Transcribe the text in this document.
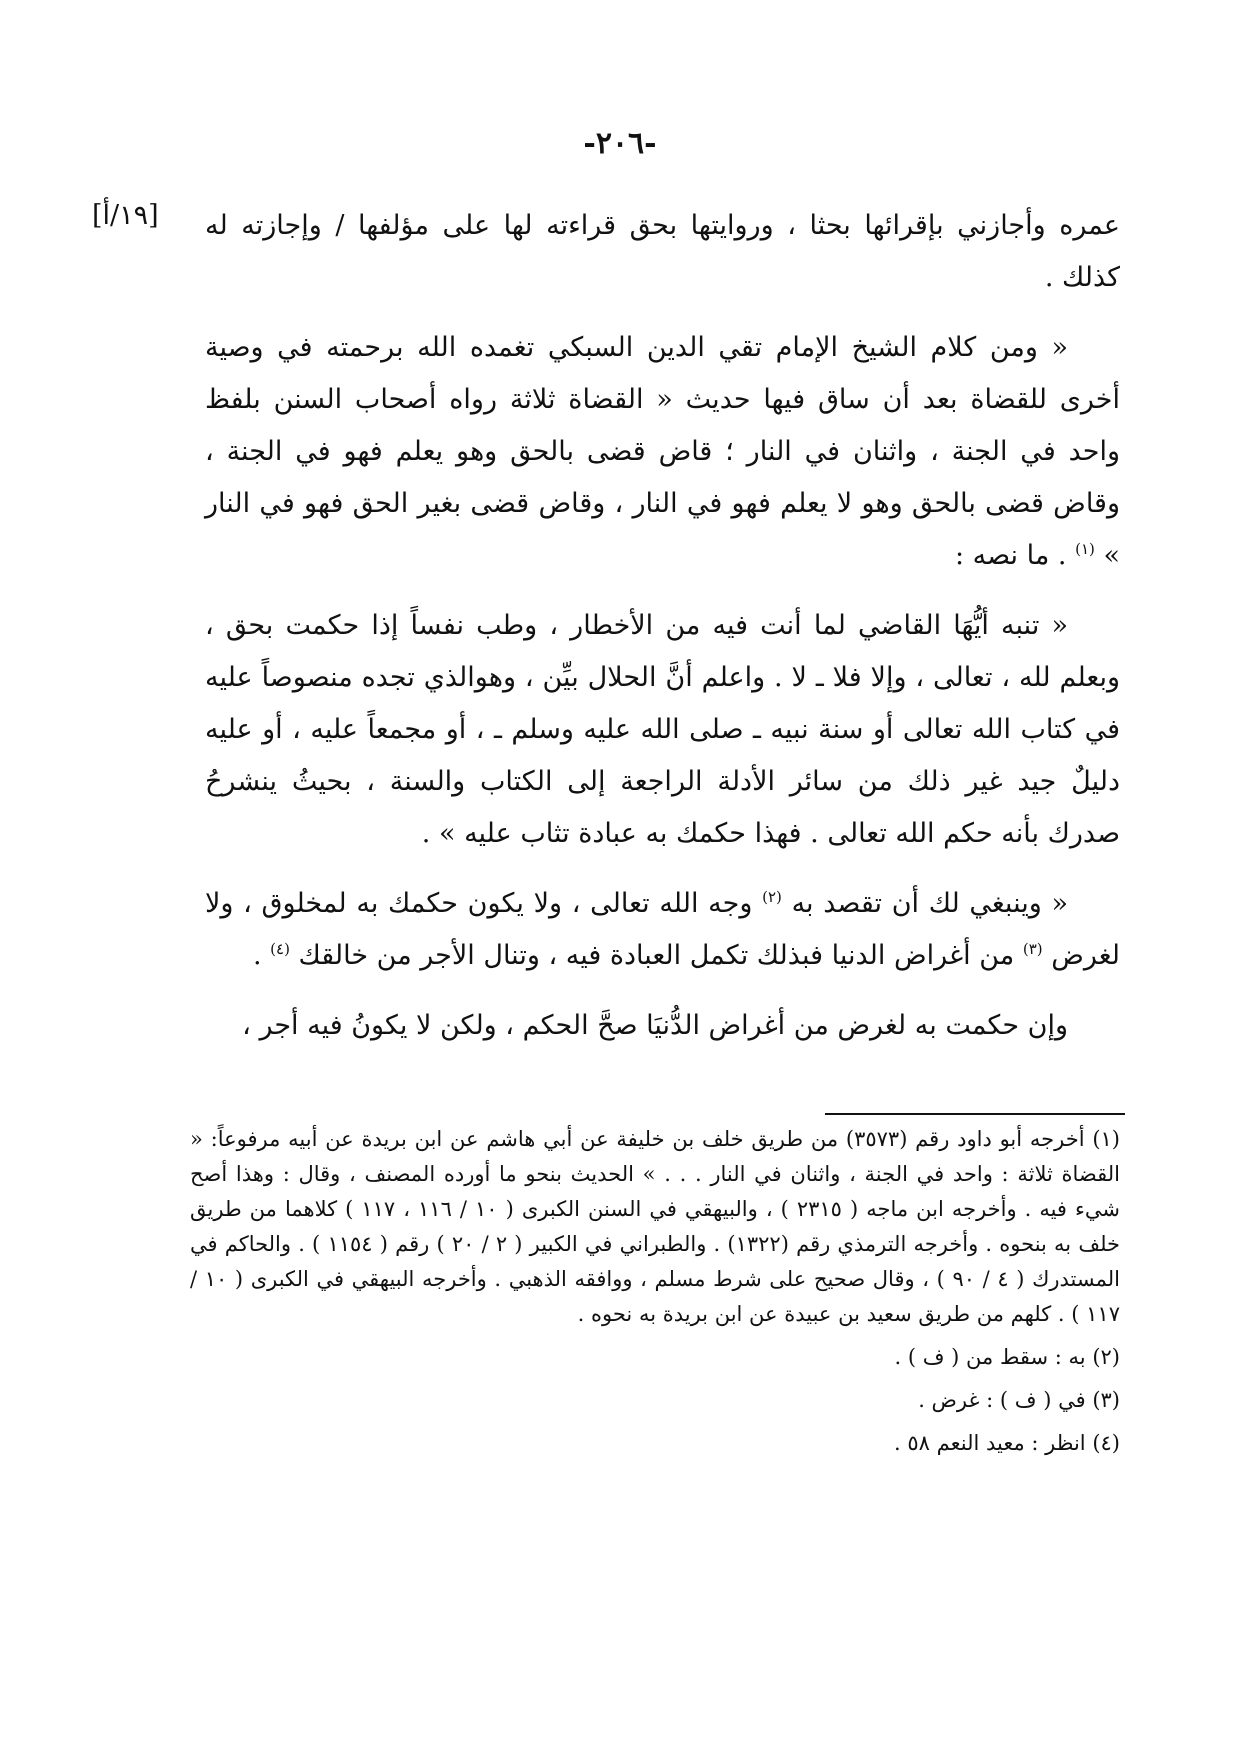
-٢٠٦-
[١٩/أ] عمره وأجازني بإقرائها بحثا ، وروايتها بحق قراءته لها على مؤلفها / وإجازته له كذلك .

« ومن كلام الشيخ الإمام تقي الدين السبكي تغمده الله برحمته في وصية أخرى للقضاة بعد أن ساق فيها حديث « القضاة ثلاثة رواه أصحاب السنن بلفظ واحد في الجنة ، واثنان في النار ؛ قاض قضى بالحق وهو يعلم فهو في الجنة ، وقاض قضى بالحق وهو لا يعلم فهو في النار ، وقاض قضى بغير الحق فهو في النار » $^{(١)}$ . ما نصه :

« تنبه أيُّهَا القاضي لما أنت فيه من الأخطار ، وطب نفساً إذا حكمت بحق ، وبعلم لله ، تعالى ، وإلا فلا ـ لا . واعلم أنَّ الحلال بيِّن ، وهوالذي تجده منصوصاً عليه في كتاب الله تعالى أو سنة نبيه ـ صلى الله عليه وسلم ـ ، أو مجمعاً عليه ، أو عليه دليلٌ جيد غير ذلك من سائر الأدلة الراجعة إلى الكتاب والسنة ، بحيثُ ينشرحُ صدرك بأنه حكم الله تعالى . فهذا حكمك به عبادة تثاب عليه » .

« وينبغي لك أن تقصد به $^{(٢)}$ وجه الله تعالى ، ولا يكون حكمك به لمخلوق ، ولا لغرض $^{(٣)}$ من أغراض الدنيا فبذلك تكمل العبادة فيه ، وتنال الأجر من خالقك $^{(٤)}$ .

وإن حكمت به لغرض من أغراض الدُّنيَا صحَّ الحكم ، ولكن لا يكونُ فيه أجر ،

(١) أخرجه أبو داود رقم (٣٥٧٣) من طريق خلف بن خليفة عن أبي هاشم عن ابن بريدة عن أبيه مرفوعاً: « القضاة ثلاثة : واحد في الجنة ، واثنان في النار . . . » الحديث بنحو ما أورده المصنف ، وقال : وهذا أصح شيء فيه . وأخرجه ابن ماجه ( ٢٣١٥ ) ، والبيهقي في السنن الكبرى ( ١٠ / ١١٦ ، ١١٧ ) كلاهما من طريق خلف به بنحوه . وأخرجه الترمذي رقم (١٣٢٢) . والطبراني في الكبير ( ٢ / ٢٠ ) رقم ( ١١٥٤ ) . والحاكم في المستدرك ( ٤ / ٩٠ ) ، وقال صحيح على شرط مسلم ، ووافقه الذهبي . وأخرجه البيهقي في الكبرى ( ١٠ / ١١٧ ) . كلهم من طريق سعيد بن عبيدة عن ابن بريدة به نحوه .

(٢) به : سقط من ( ف ) .

(٣) في ( ف ) : غرض .

(٤) انظر : معيد النعم ٥٨ .
